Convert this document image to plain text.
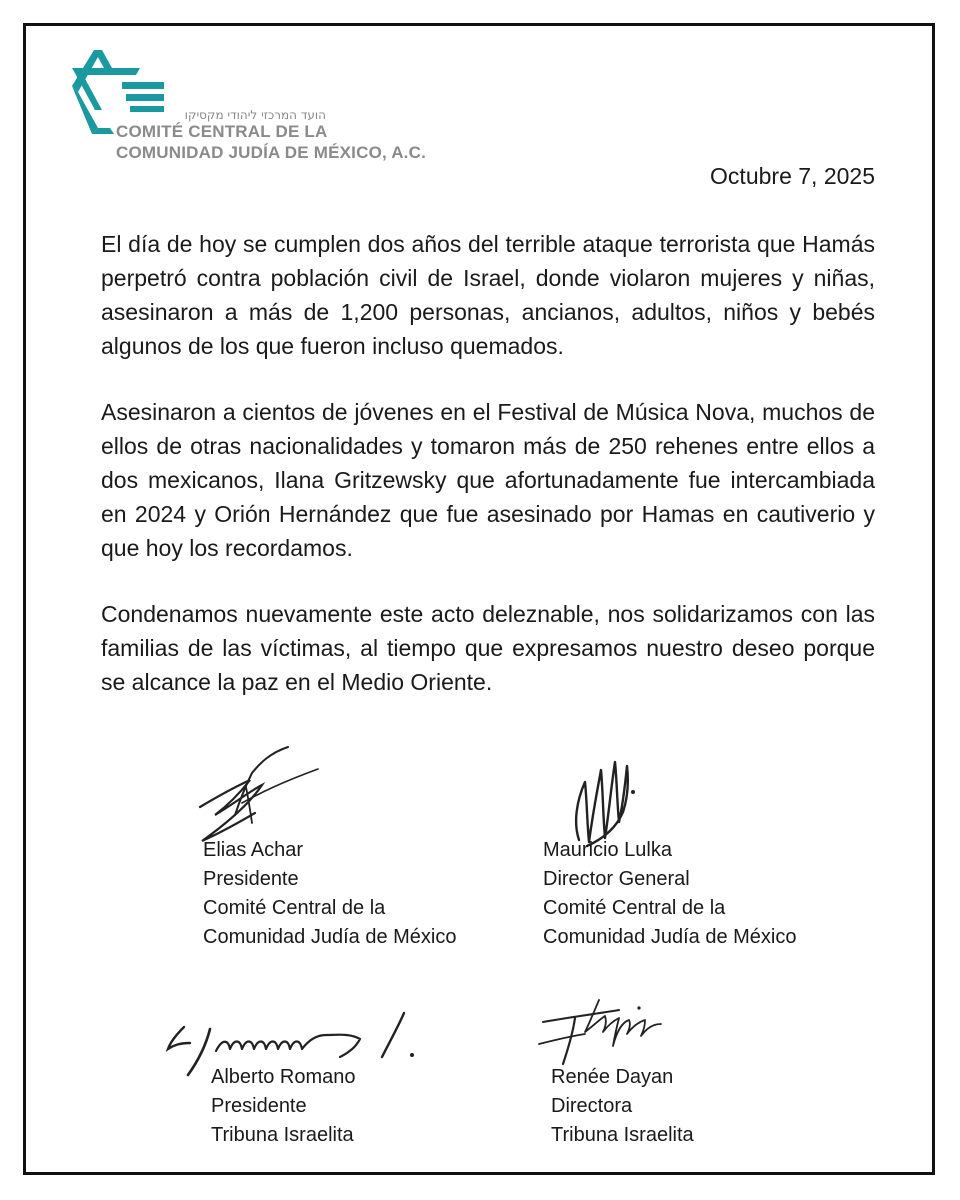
הועד המרכזי ליהודי מקסיקו
COMITÉ CENTRAL DE LA
COMUNIDAD JUDÍA DE MÉXICO, A.C.
Octubre 7, 2025

El día de hoy se cumplen dos años del terrible ataque terrorista que Hamás perpetró contra población civil de Israel, donde violaron mujeres y niñas, asesinaron a más de 1,200 personas, ancianos, adultos, niños y bebés algunos de los que fueron incluso quemados.

Asesinaron a cientos de jóvenes en el Festival de Música Nova, muchos de ellos de otras nacionalidades y tomaron más de 250 rehenes entre ellos a dos mexicanos, Ilana Gritzewsky que afortunadamente fue intercambiada en 2024 y Orión Hernández que fue asesinado por Hamas en cautiverio y que hoy los recordamos.

Condenamos nuevamente este acto deleznable, nos solidarizamos con las familias de las víctimas, al tiempo que expresamos nuestro deseo porque se alcance la paz en el Medio Oriente.

Elias Achar
Presidente
Comité Central de la
Comunidad Judía de México
Mauricio Lulka
Director General
Comité Central de la
Comunidad Judía de México
Alberto Romano
Presidente
Tribuna Israelita
Renée Dayan
Directora
Tribuna Israelita
